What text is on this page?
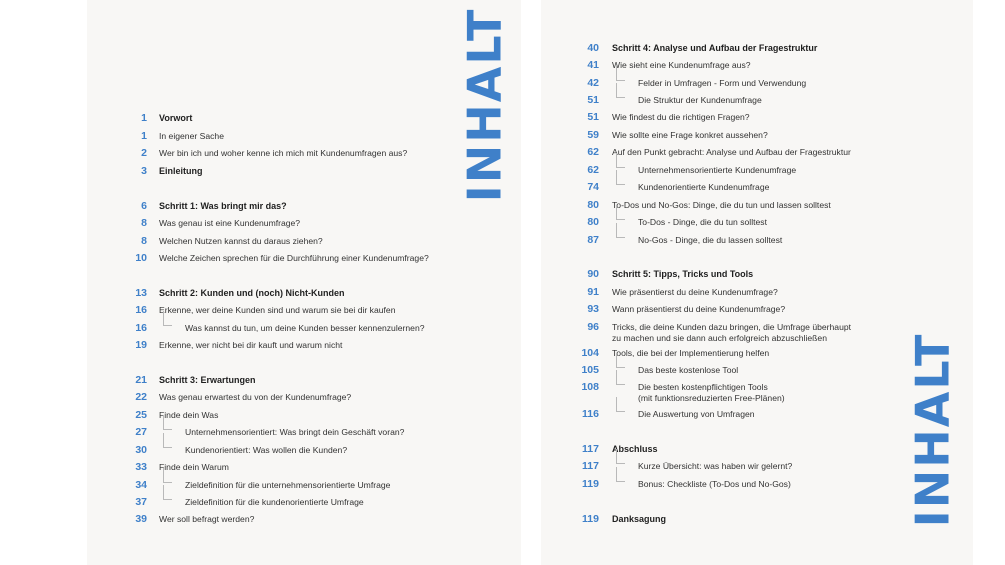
INHALT
1 Vorwort
1 In eigener Sache
2 Wer bin ich und woher kenne ich mich mit Kundenumfragen aus?
3 Einleitung
6 Schritt 1: Was bringt mir das?
8 Was genau ist eine Kundenumfrage?
8 Welchen Nutzen kannst du daraus ziehen?
10 Welche Zeichen sprechen für die Durchführung einer Kundenumfrage?
13 Schritt 2: Kunden und (noch) Nicht-Kunden
16 Erkenne, wer deine Kunden sind und warum sie bei dir kaufen
16	Was kannst du tun, um deine Kunden besser kennenzulernen?
19 Erkenne, wer nicht bei dir kauft und warum nicht
21 Schritt 3: Erwartungen
22 Was genau erwartest du von der Kundenumfrage?
25 Finde dein Was
27	Unternehmensorientiert: Was bringt dein Geschäft voran?
30	Kundenorientiert: Was wollen die Kunden?
33 Finde dein Warum
34	Zieldefinition für die unternehmensorientierte Umfrage
37	Zieldefinition für die kundenorientierte Umfrage
39 Wer soll befragt werden?	INHALT
40 Schritt 4: Analyse und Aufbau der Fragestruktur
41 Wie sieht eine Kundenumfrage aus?
42	Felder in Umfragen - Form und Verwendung
51	Die Struktur der Kundenumfrage
51 Wie findest du die richtigen Fragen?
59 Wie sollte eine Frage konkret aussehen?
62 Auf den Punkt gebracht: Analyse und Aufbau der Fragestruktur
62	Unternehmensorientierte Kundenumfrage
74	Kundenorientierte Kundenumfrage
80 To-Dos und No-Gos: Dinge, die du tun und lassen solltest
80	To-Dos - Dinge, die du tun solltest
87	No-Gos - Dinge, die du lassen solltest
90 Schritt 5: Tipps, Tricks und Tools
91 Wie präsentierst du deine Kundenumfrage?
93 Wann präsentierst du deine Kundenumfrage?
96 Tricks, die deine Kunden dazu bringen, die Umfrage überhaupt
zu machen und sie dann auch erfolgreich abzuschließen
104 Tools, die bei der Implementierung helfen
105	Das beste kostenlose Tool
108	Die besten kostenpflichtigen Tools
(mit funktionsreduzierten Free-Plänen)
116	Die Auswertung von Umfragen
117 Abschluss
117	Kurze Übersicht: was haben wir gelernt?
119	Bonus: Checkliste (To-Dos und No-Gos)
119 Danksagung
